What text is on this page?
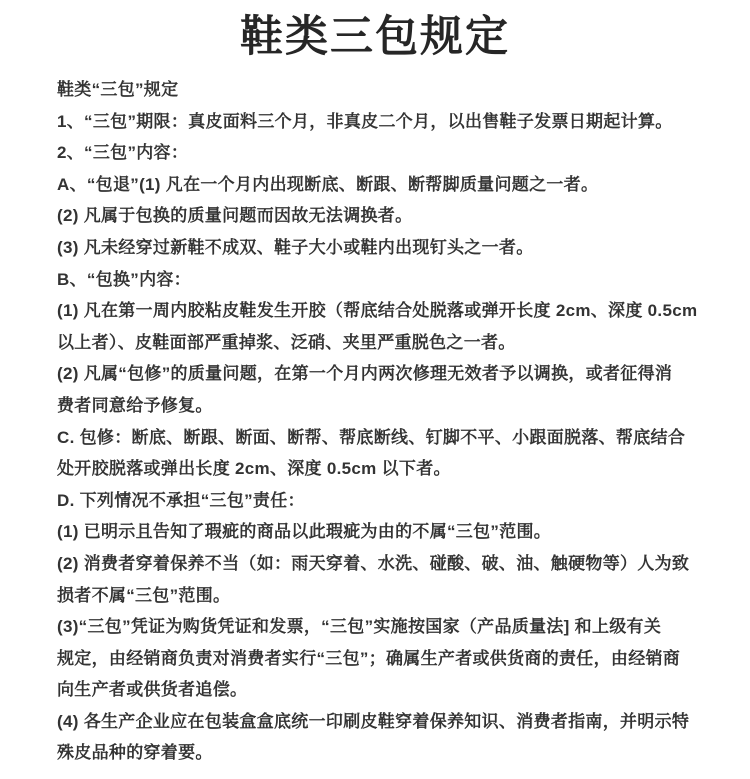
鞋类三包规定
鞋类“三包”规定
1、“三包”期限：真皮面料三个月，非真皮二个月，以出售鞋子发票日期起计算。
2、“三包”内容：
A、“包退”(1) 凡在一个月内出现断底、断跟、断帮脚质量问题之一者。
(2) 凡属于包换的质量问题而因故无法调换者。
(3) 凡未经穿过新鞋不成双、鞋子大小或鞋内出现钉头之一者。
B、“包换”内容：
(1) 凡在第一周内胶粘皮鞋发生开胶（帮底结合处脱落或弹开长度 2cm、深度 0.5cm
以上者）、皮鞋面部严重掉浆、泛硝、夹里严重脱色之一者。
(2) 凡属“包修”的质量问题，在第一个月内两次修理无效者予以调换，或者征得消
费者同意给予修复。
C. 包修：断底、断跟、断面、断帮、帮底断线、钉脚不平、小跟面脱落、帮底结合
处开胶脱落或弹出长度 2cm、深度 0.5cm 以下者。
D. 下列情况不承担“三包”责任：
(1) 已明示且告知了瑕疵的商品以此瑕疵为由的不属“三包”范围。
(2) 消费者穿着保养不当（如：雨天穿着、水洗、碰酸、破、油、触硬物等）人为致
损者不属“三包”范围。
(3)“三包”凭证为购货凭证和发票，“三包”实施按国家（产品质量法] 和上级有关
规定，由经销商负责对消费者实行“三包”；确属生产者或供货商的责任，由经销商
向生产者或供货者追偿。
(4) 各生产企业应在包装盒盒底统一印刷皮鞋穿着保养知识、消费者指南，并明示特
殊皮品种的穿着要。
